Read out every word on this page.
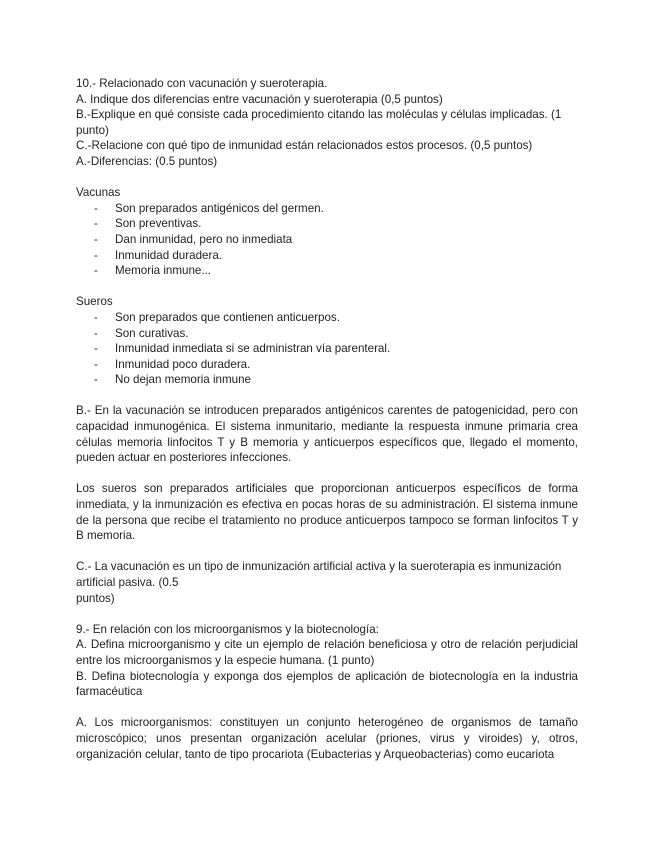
10.- Relacionado con vacunación y sueroterapia.
A. Indique dos diferencias entre vacunación y sueroterapia (0,5 puntos)
B.-Explique en qué consiste cada procedimiento citando las moléculas y células implicadas. (1
punto)
C.-Relacione con qué tipo de inmunidad están relacionados estos procesos. (0,5 puntos)
A.-Diferencias: (0.5 puntos)
Vacunas
- Son preparados antigénicos del germen.
- Son preventivas.
- Dan inmunidad, pero no inmediata
- Inmunidad duradera.
- Memoria inmune...
Sueros
- Son preparados que contienen anticuerpos.
- Son curativas.
- Inmunidad inmediata si se administran vía parenteral.
- Inmunidad poco duradera.
- No dejan memoria inmune
B.- En la vacunación se introducen preparados antigénicos carentes de patogenicidad, pero con capacidad inmunogénica. El sistema inmunitario, mediante la respuesta inmune primaria crea células memoria linfocitos T y B memoria y anticuerpos específicos que, llegado el momento, pueden actuar en posteriores infecciones.
Los sueros son preparados artificiales que proporcionan anticuerpos específicos de forma inmediata, y la inmunización es efectiva en pocas horas de su administración. El sistema inmune de la persona que recibe el tratamiento no produce anticuerpos tampoco se forman linfocitos T y B memoria.
C.- La vacunación es un tipo de inmunización artificial activa y la sueroterapia es inmunización
artificial pasiva. (0.5
puntos)
9.- En relación con los microorganismos y la biotecnología:
A. Defina microorganismo y cite un ejemplo de relación beneficiosa y otro de relación perjudicial entre los microorganismos y la especie humana. (1 punto)
B. Defina biotecnología y exponga dos ejemplos de aplicación de biotecnología en la industria farmacéutica
A. Los microorganismos: constituyen un conjunto heterogéneo de organismos de tamaño microscópico; unos presentan organización acelular (priones, virus y viroides) y, otros, organización celular, tanto de tipo procariota (Eubacterias y Arqueobacterias) como eucariota
